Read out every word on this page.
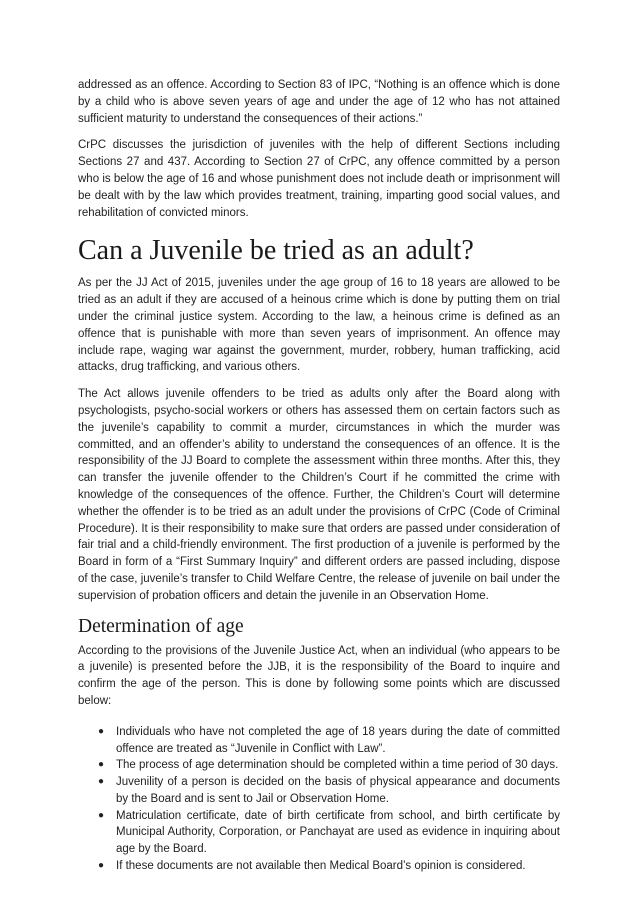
addressed as an offence. According to Section 83 of IPC, “Nothing is an offence which is done by a child who is above seven years of age and under the age of 12 who has not attained sufficient maturity to understand the consequences of their actions.”

CrPC discusses the jurisdiction of juveniles with the help of different Sections including Sections 27 and 437. According to Section 27 of CrPC, any offence committed by a person who is below the age of 16 and whose punishment does not include death or imprisonment will be dealt with by the law which provides treatment, training, imparting good social values, and rehabilitation of convicted minors.

Can a Juvenile be tried as an adult?

As per the JJ Act of 2015, juveniles under the age group of 16 to 18 years are allowed to be tried as an adult if they are accused of a heinous crime which is done by putting them on trial under the criminal justice system. According to the law, a heinous crime is defined as an offence that is punishable with more than seven years of imprisonment. An offence may include rape, waging war against the government, murder, robbery, human trafficking, acid attacks, drug trafficking, and various others.

The Act allows juvenile offenders to be tried as adults only after the Board along with psychologists, psycho-social workers or others has assessed them on certain factors such as the juvenile’s capability to commit a murder, circumstances in which the murder was committed, and an offender’s ability to understand the consequences of an offence. It is the responsibility of the JJ Board to complete the assessment within three months. After this, they can transfer the juvenile offender to the Children’s Court if he committed the crime with knowledge of the consequences of the offence. Further, the Children’s Court will determine whether the offender is to be tried as an adult under the provisions of CrPC (Code of Criminal Procedure). It is their responsibility to make sure that orders are passed under consideration of fair trial and a child-friendly environment. The first production of a juvenile is performed by the Board in form of a “First Summary Inquiry” and different orders are passed including, dispose of the case, juvenile’s transfer to Child Welfare Centre, the release of juvenile on bail under the supervision of probation officers and detain the juvenile in an Observation Home.

Determination of age

According to the provisions of the Juvenile Justice Act, when an individual (who appears to be a juvenile) is presented before the JJB, it is the responsibility of the Board to inquire and confirm the age of the person. This is done by following some points which are discussed below:

● Individuals who have not completed the age of 18 years during the date of committed offence are treated as “Juvenile in Conflict with Law”.
● The process of age determination should be completed within a time period of 30 days.
● Juvenility of a person is decided on the basis of physical appearance and documents by the Board and is sent to Jail or Observation Home.
● Matriculation certificate, date of birth certificate from school, and birth certificate by Municipal Authority, Corporation, or Panchayat are used as evidence in inquiring about age by the Board.
● If these documents are not available then Medical Board’s opinion is considered.
